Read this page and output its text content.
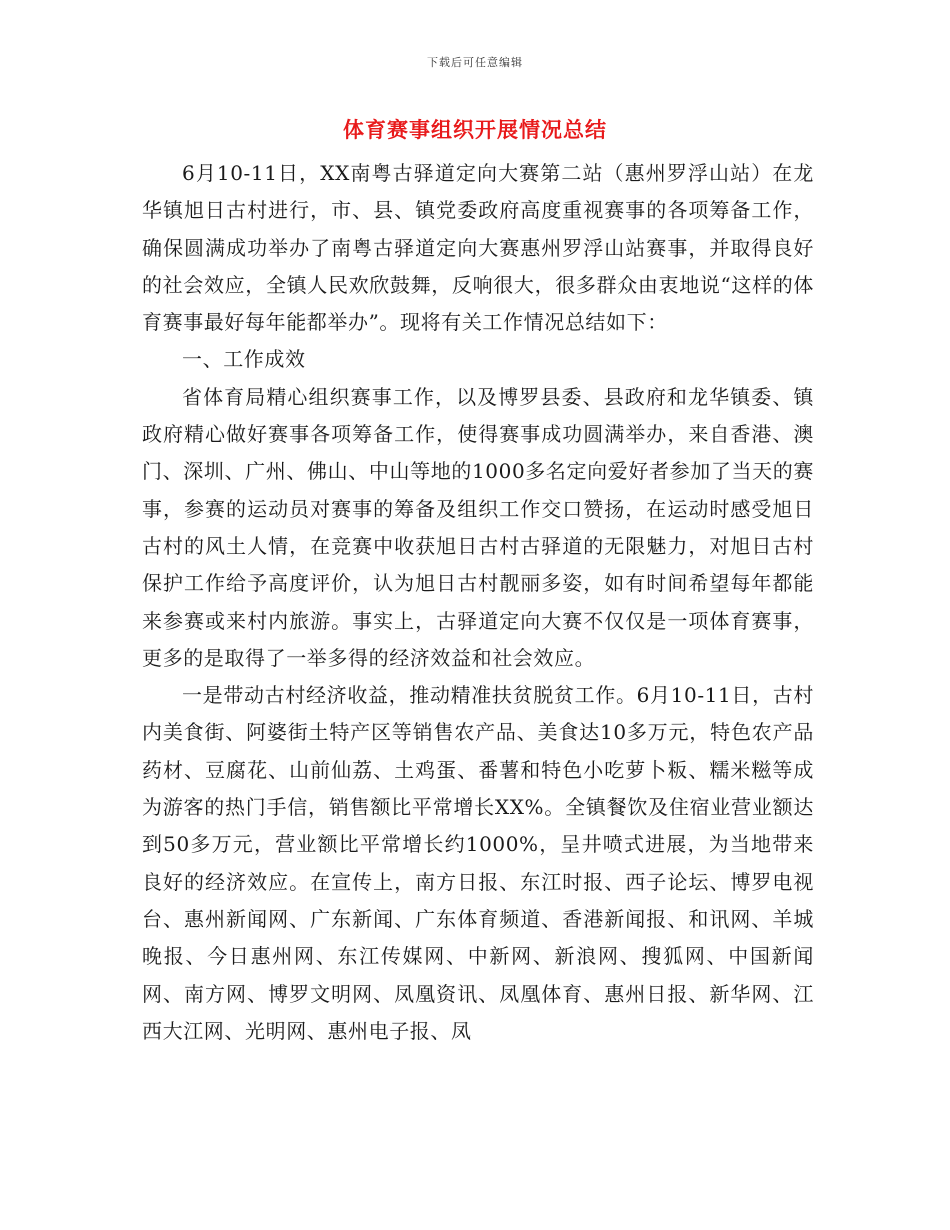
下载后可任意编辑
体育赛事组织开展情况总结

6月10-11日，XX南粤古驿道定向大赛第二站（惠州罗浮山站）在龙华镇旭日古村进行，市、县、镇党委政府高度重视赛事的各项筹备工作，确保圆满成功举办了南粤古驿道定向大赛惠州罗浮山站赛事，并取得良好的社会效应，全镇人民欢欣鼓舞，反响很大，很多群众由衷地说“这样的体育赛事最好每年能都举办”。现将有关工作情况总结如下：

一、工作成效

省体育局精心组织赛事工作，以及博罗县委、县政府和龙华镇委、镇政府精心做好赛事各项筹备工作，使得赛事成功圆满举办，来自香港、澳门、深圳、广州、佛山、中山等地的1000多名定向爱好者参加了当天的赛事，参赛的运动员对赛事的筹备及组织工作交口赞扬，在运动时感受旭日古村的风土人情，在竞赛中收获旭日古村古驿道的无限魅力，对旭日古村保护工作给予高度评价，认为旭日古村靓丽多姿，如有时间希望每年都能来参赛或来村内旅游。事实上，古驿道定向大赛不仅仅是一项体育赛事，更多的是取得了一举多得的经济效益和社会效应。

一是带动古村经济收益，推动精准扶贫脱贫工作。6月10-11日，古村内美食街、阿婆街土特产区等销售农产品、美食达10多万元，特色农产品药材、豆腐花、山前仙荔、土鸡蛋、番薯和特色小吃萝卜粄、糯米糍等成为游客的热门手信，销售额比平常增长XX%。全镇餐饮及住宿业营业额达到50多万元，营业额比平常增长约1000%，呈井喷式进展，为当地带来良好的经济效应。在宣传上，南方日报、东江时报、西子论坛、博罗电视台、惠州新闻网、广东新闻、广东体育频道、香港新闻报、和讯网、羊城晚报、今日惠州网、东江传媒网、中新网、新浪网、搜狐网、中国新闻网、南方网、博罗文明网、凤凰资讯、凤凰体育、惠州日报、新华网、江西大江网、光明网、惠州电子报、凤
